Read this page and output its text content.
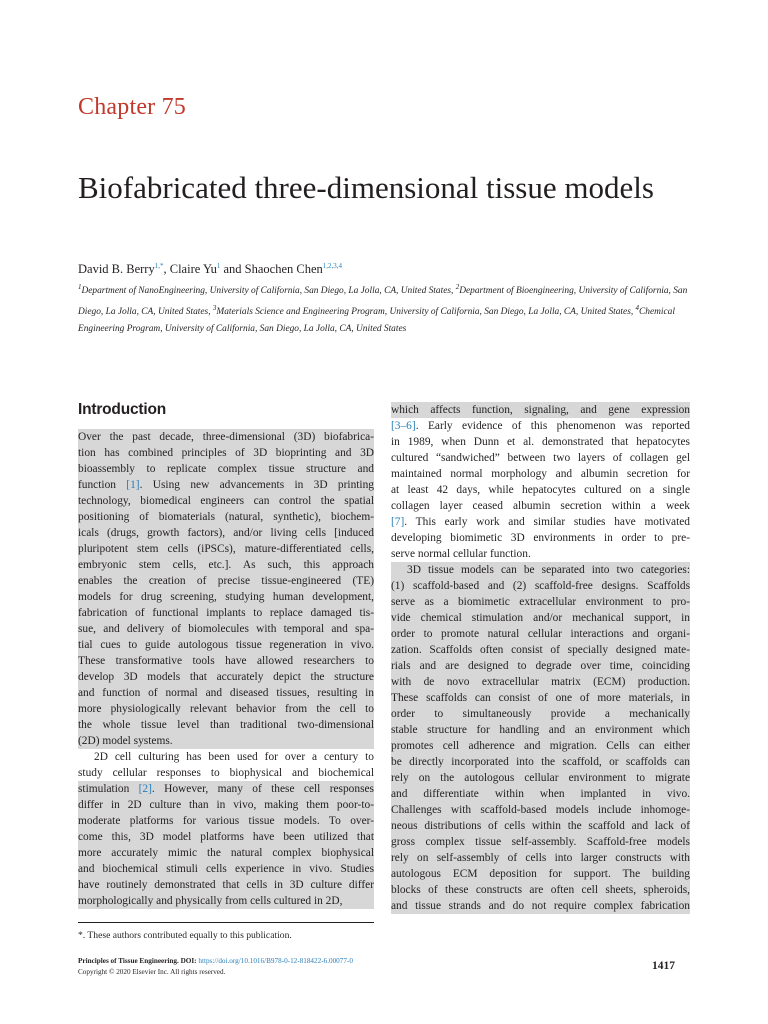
Chapter 75
Biofabricated three-dimensional tissue models
David B. Berry$^{1,*}$, Claire Yu$^1$ and Shaochen Chen$^{1,2,3,4}$
$^1$Department of NanoEngineering, University of California, San Diego, La Jolla, CA, United States, $^2$Department of Bioengineering, University of California, San Diego, La Jolla, CA, United States, $^3$Materials Science and Engineering Program, University of California, San Diego, La Jolla, CA, United States, $^4$Chemical Engineering Program, University of California, San Diego, La Jolla, CA, United States
Introduction
Over the past decade, three-dimensional (3D) biofabrica-
tion has combined principles of 3D bioprinting and 3D
bioassembly to replicate complex tissue structure and
function [1]. Using new advancements in 3D printing
technology, biomedical engineers can control the spatial
positioning of biomaterials (natural, synthetic), biochem-
icals (drugs, growth factors), and/or living cells [induced
pluripotent stem cells (iPSCs), mature-differentiated cells,
embryonic stem cells, etc.]. As such, this approach
enables the creation of precise tissue-engineered (TE)
models for drug screening, studying human development,
fabrication of functional implants to replace damaged tis-
sue, and delivery of biomolecules with temporal and spa-
tial cues to guide autologous tissue regeneration in vivo.
These transformative tools have allowed researchers to
develop 3D models that accurately depict the structure
and function of normal and diseased tissues, resulting in
more physiologically relevant behavior from the cell to
the whole tissue level than traditional two-dimensional
(2D) model systems.
2D cell culturing has been used for over a century to
study cellular responses to biophysical and biochemical
stimulation [2]. However, many of these cell responses
differ in 2D culture than in vivo, making them poor-to-
moderate platforms for various tissue models. To over-
come this, 3D model platforms have been utilized that
more accurately mimic the natural complex biophysical
and biochemical stimuli cells experience in vivo. Studies
have routinely demonstrated that cells in 3D culture differ
morphologically and physically from cells cultured in 2D,
which affects function, signaling, and gene expression
[3–6]. Early evidence of this phenomenon was reported
in 1989, when Dunn et al. demonstrated that hepatocytes
cultured “sandwiched” between two layers of collagen gel
maintained normal morphology and albumin secretion for
at least 42 days, while hepatocytes cultured on a single
collagen layer ceased albumin secretion within a week
[7]. This early work and similar studies have motivated
developing biomimetic 3D environments in order to pre-
serve normal cellular function.
3D tissue models can be separated into two categories:
(1) scaffold-based and (2) scaffold-free designs. Scaffolds
serve as a biomimetic extracellular environment to pro-
vide chemical stimulation and/or mechanical support, in
order to promote natural cellular interactions and organi-
zation. Scaffolds often consist of specially designed mate-
rials and are designed to degrade over time, coinciding
with de novo extracellular matrix (ECM) production.
These scaffolds can consist of one of more materials, in
order to simultaneously provide a mechanically
stable structure for handling and an environment which
promotes cell adherence and migration. Cells can either
be directly incorporated into the scaffold, or scaffolds can
rely on the autologous cellular environment to migrate
and differentiate within when implanted in vivo.
Challenges with scaffold-based models include inhomoge-
neous distributions of cells within the scaffold and lack of
gross complex tissue self-assembly. Scaffold-free models
rely on self-assembly of cells into larger constructs with
autologous ECM deposition for support. The building
blocks of these constructs are often cell sheets, spheroids,
and tissue strands and do not require complex fabrication
*. These authors contributed equally to this publication.
Principles of Tissue Engineering. DOI: https://doi.org/10.1016/B978-0-12-818422-6.00077-0
Copyright © 2020 Elsevier Inc. All rights reserved.	1417
